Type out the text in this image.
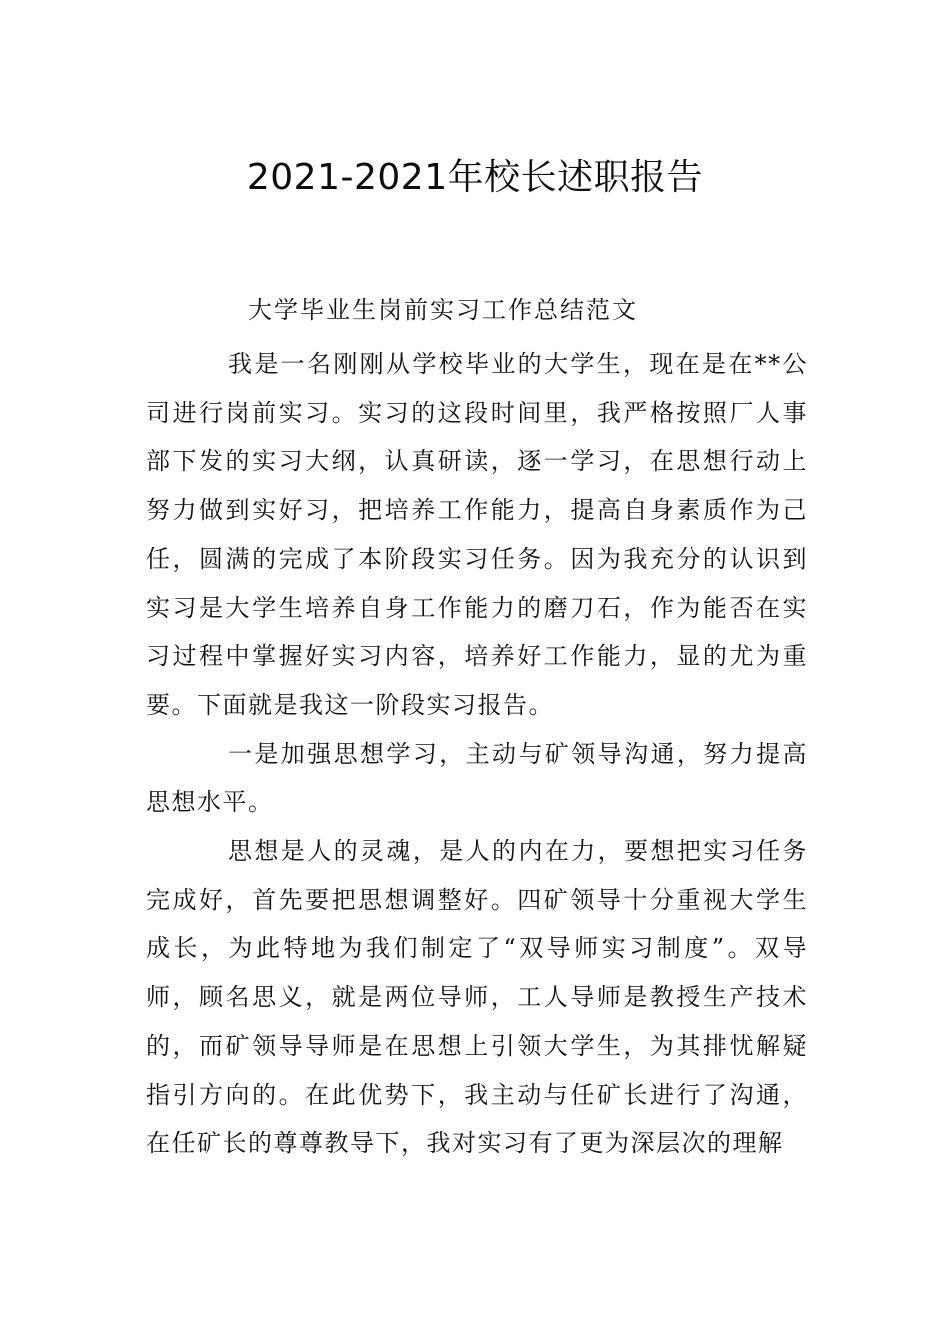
2021-2021年校长述职报告

大学毕业生岗前实习工作总结范文

我是一名刚刚从学校毕业的大学生，现在是在**公司进行岗前实习。实习的这段时间里，我严格按照厂人事部下发的实习大纲，认真研读，逐一学习，在思想行动上努力做到实好习，把培养工作能力，提高自身素质作为己任，圆满的完成了本阶段实习任务。因为我充分的认识到实习是大学生培养自身工作能力的磨刀石，作为能否在实习过程中掌握好实习内容，培养好工作能力，显的尤为重要。下面就是我这一阶段实习报告。

一是加强思想学习，主动与矿领导沟通，努力提高思想水平。

思想是人的灵魂，是人的内在力，要想把实习任务完成好，首先要把思想调整好。四矿领导十分重视大学生成长，为此特地为我们制定了“双导师实习制度”。双导师，顾名思义，就是两位导师，工人导师是教授生产技术的，而矿领导导师是在思想上引领大学生，为其排忧解疑指引方向的。在此优势下，我主动与任矿长进行了沟通，在任矿长的尊尊教导下，我对实习有了更为深层次的理解
